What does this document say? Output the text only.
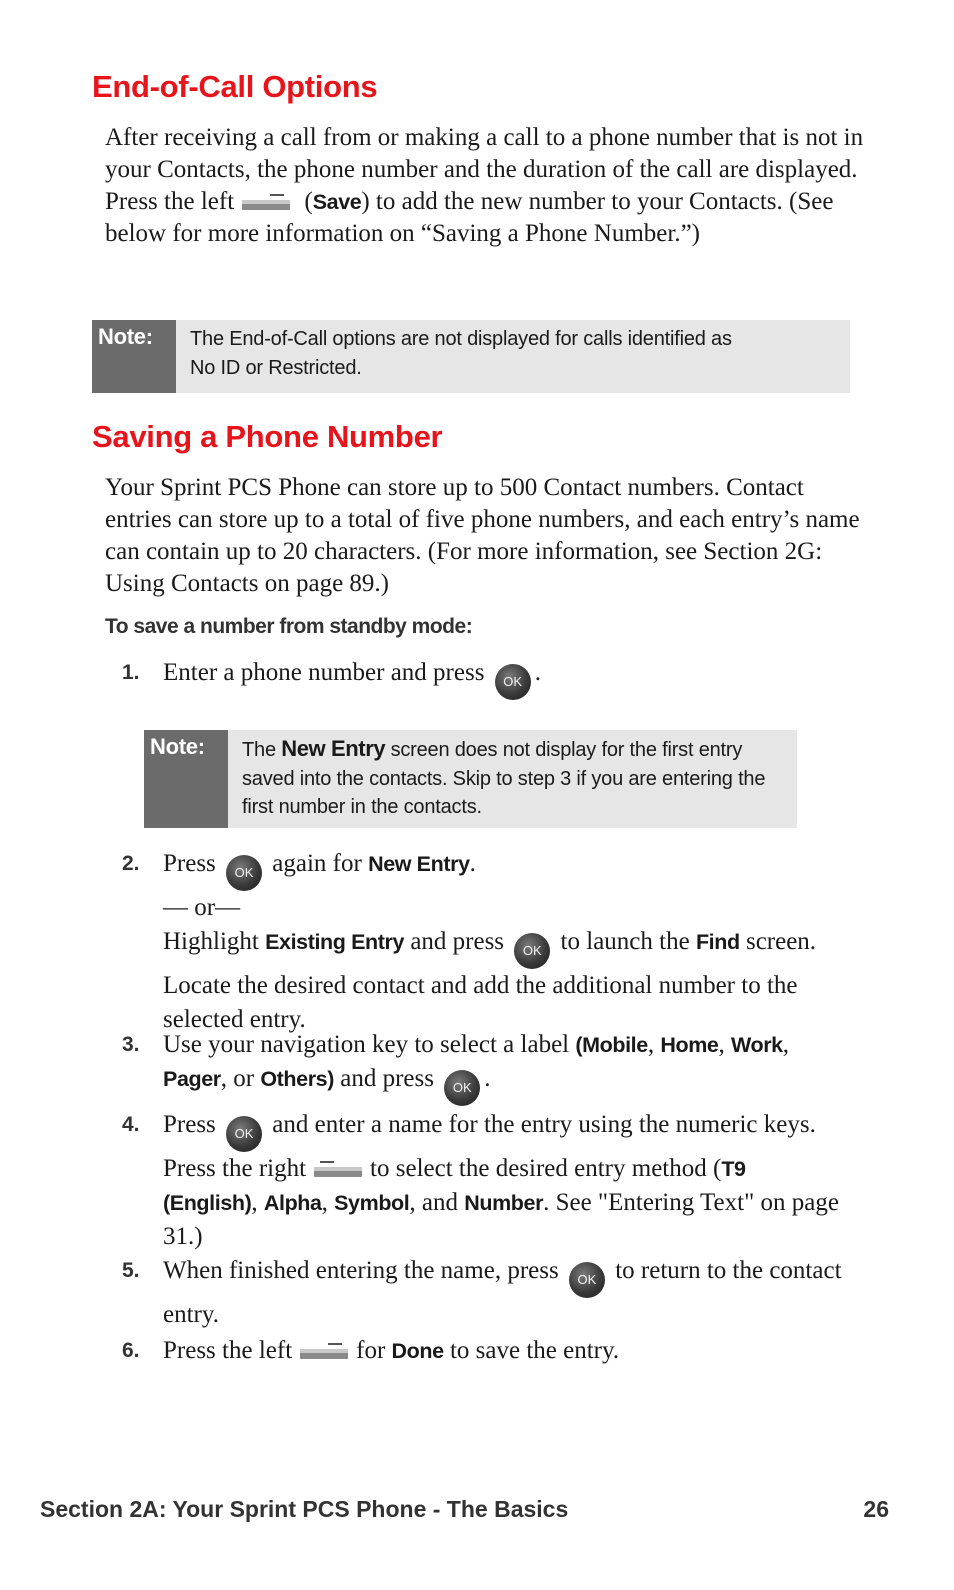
End-of-Call Options

After receiving a call from or making a call to a phone number that is not in your Contacts, the phone number and the duration of the call are displayed. Press the left	(Save) to add the new number to your Contacts. (See below for more information on “Saving a Phone Number.”)

Note:	The End-of-Call options are not displayed for calls identified as
No ID or Restricted.
Saving a Phone Number

Your Sprint PCS Phone can store up to 500 Contact numbers. Contact entries can store up to a total of five phone numbers, and each entry’s name can contain up to 20 characters. (For more information, see Section 2G: Using Contacts on page 89.)

To save a number from standby mode:
1. Enter a phone number and press OK .
Note:	The New Entry screen does not display for the first entry
saved into the contacts. Skip to step 3 if you are entering the
first number in the contacts.
2. Press OK again for New Entry.
— or—
Highlight Existing Entry and press OK to launch the Find screen. Locate the desired contact and add the additional number to the selected entry.
3. Use your navigation key to select a label (Mobile, Home, Work, Pager, or Others) and press OK .
4. Press OK and enter a name for the entry using the numeric keys. Press the right	to select the desired entry method (T9 (English), Alpha, Symbol, and Number. See "Entering Text" on page 31.)
5. When finished entering the name, press OK to return to the contact entry.
6. Press the left	for Done to save the entry.
Section 2A: Your Sprint PCS Phone - The Basics	26
